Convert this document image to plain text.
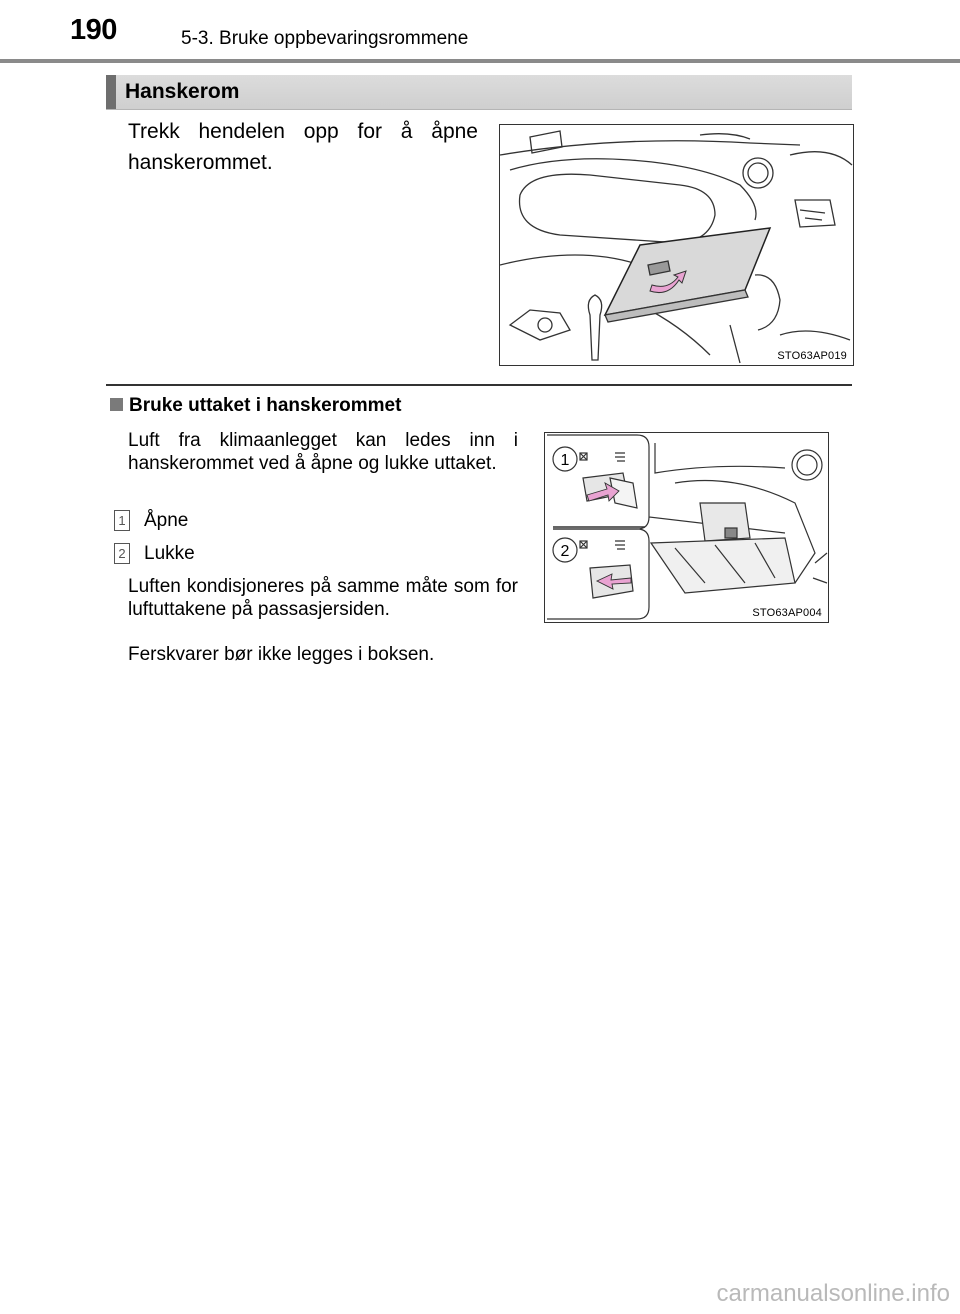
190	5-3. Bruke oppbevaringsrommene
Hanskerom
Trekk hendelen opp for å åpne hanskerommet.
STO63AP019
Bruke uttaket i hanskerommet
Luft fra klimaanlegget kan ledes inn i hanskerommet ved å åpne og lukke uttaket.
1 Åpne
2 Lukke
Luften kondisjoneres på samme måte som for luftuttakene på passasjersiden.
Ferskvarer bør ikke legges i boksen.
1
2
STO63AP004
carmanualsonline.info
